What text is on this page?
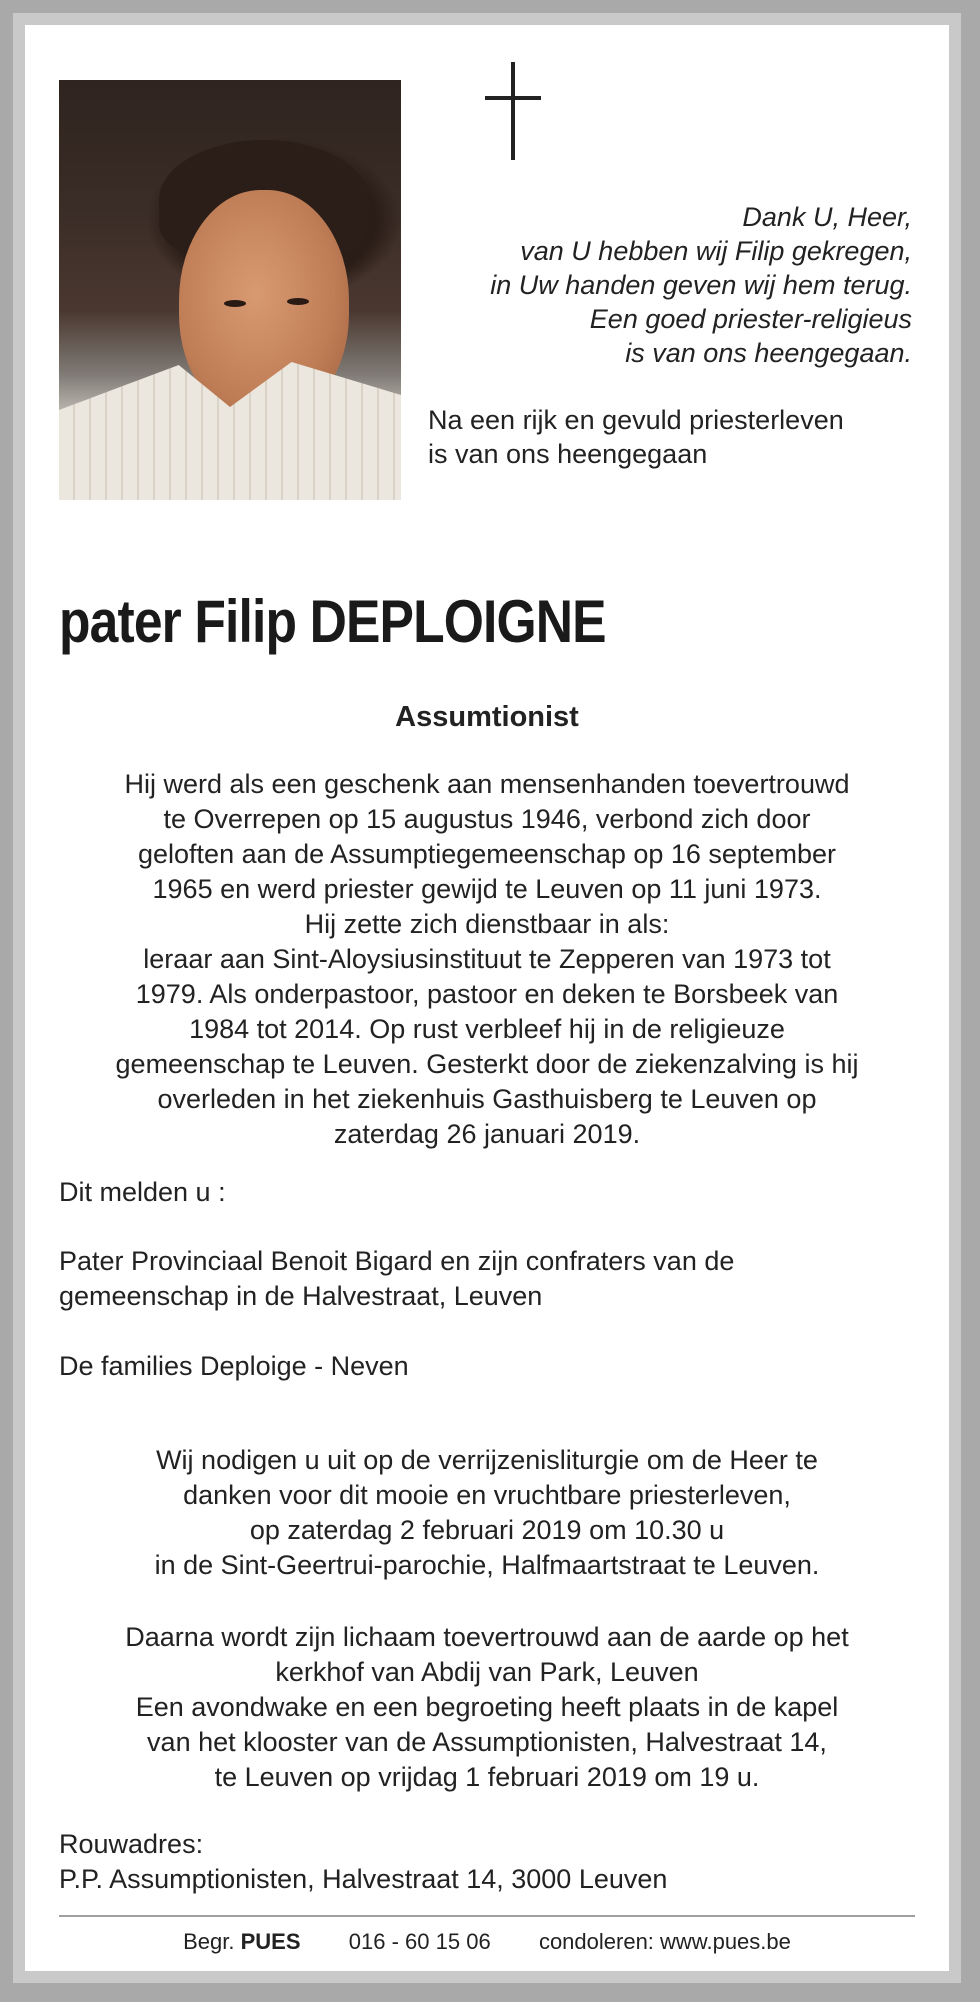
Dank U, Heer,
van U hebben wij Filip gekregen,
in Uw handen geven wij hem terug.
Een goed priester-religieus
is van ons heengegaan.
Na een rijk en gevuld priesterleven
is van ons heengegaan
pater Filip DEPLOIGNE
Assumtionist
Hij werd als een geschenk aan mensenhanden toevertrouwd
te Overrepen op 15 augustus 1946, verbond zich door
geloften aan de Assumptiegemeenschap op 16 september
1965 en werd priester gewijd te Leuven op 11 juni 1973.
Hij zette zich dienstbaar in als:
leraar aan Sint-Aloysiusinstituut te Zepperen van 1973 tot
1979. Als onderpastoor, pastoor en deken te Borsbeek van
1984 tot 2014. Op rust verbleef hij in de religieuze
gemeenschap te Leuven. Gesterkt door de ziekenzalving is hij
overleden in het ziekenhuis Gasthuisberg te Leuven op
zaterdag 26 januari 2019.
Dit melden u :
Pater Provinciaal Benoit Bigard en zijn confraters van de
gemeenschap in de Halvestraat, Leuven
De families Deploige - Neven
Wij nodigen u uit op de verrijzenisliturgie om de Heer te
danken voor dit mooie en vruchtbare priesterleven,
op zaterdag 2 februari 2019 om 10.30 u
in de Sint-Geertrui-parochie, Halfmaartstraat te Leuven.
Daarna wordt zijn lichaam toevertrouwd aan de aarde op het
kerkhof van Abdij van Park, Leuven
Een avondwake en een begroeting heeft plaats in de kapel
van het klooster van de Assumptionisten, Halvestraat 14,
te Leuven op vrijdag 1 februari 2019 om 19 u.
Rouwadres:
P.P. Assumptionisten, Halvestraat 14, 3000 Leuven
Begr. PUES 016 - 60 15 06 condoleren: www.pues.be
